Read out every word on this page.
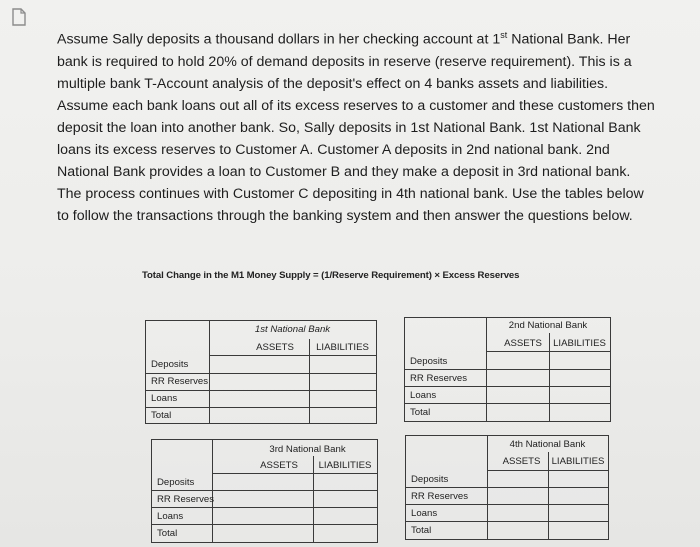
Assume Sally deposits a thousand dollars in her checking account at 1st National Bank. Her bank is required to hold 20% of demand deposits in reserve (reserve requirement). This is a multiple bank T-Account analysis of the deposit's effect on 4 banks assets and liabilities. Assume each bank loans out all of its excess reserves to a customer and these customers then deposit the loan into another bank. So, Sally deposits in 1st National Bank. 1st National Bank loans its excess reserves to Customer A. Customer A deposits in 2nd national bank. 2nd National Bank provides a loan to Customer B and they make a deposit in 3rd national bank. The process continues with Customer C depositing in 4th national bank. Use the tables below to follow the transactions through the banking system and then answer the questions below.
Total Change in the M1 Money Supply = (1/Reserve Requirement) × Excess Reserves
1st National Bank
ASSETS	LIABILITIES
Deposits
RR Reserves
Loans
Total
2nd National Bank
ASSETS	LIABILITIES
Deposits
RR Reserves
Loans
Total
3rd National Bank
ASSETS	LIABILITIES
Deposits
RR Reserves
Loans
Total
4th National Bank
ASSETS	LIABILITIES
Deposits
RR Reserves
Loans
Total
